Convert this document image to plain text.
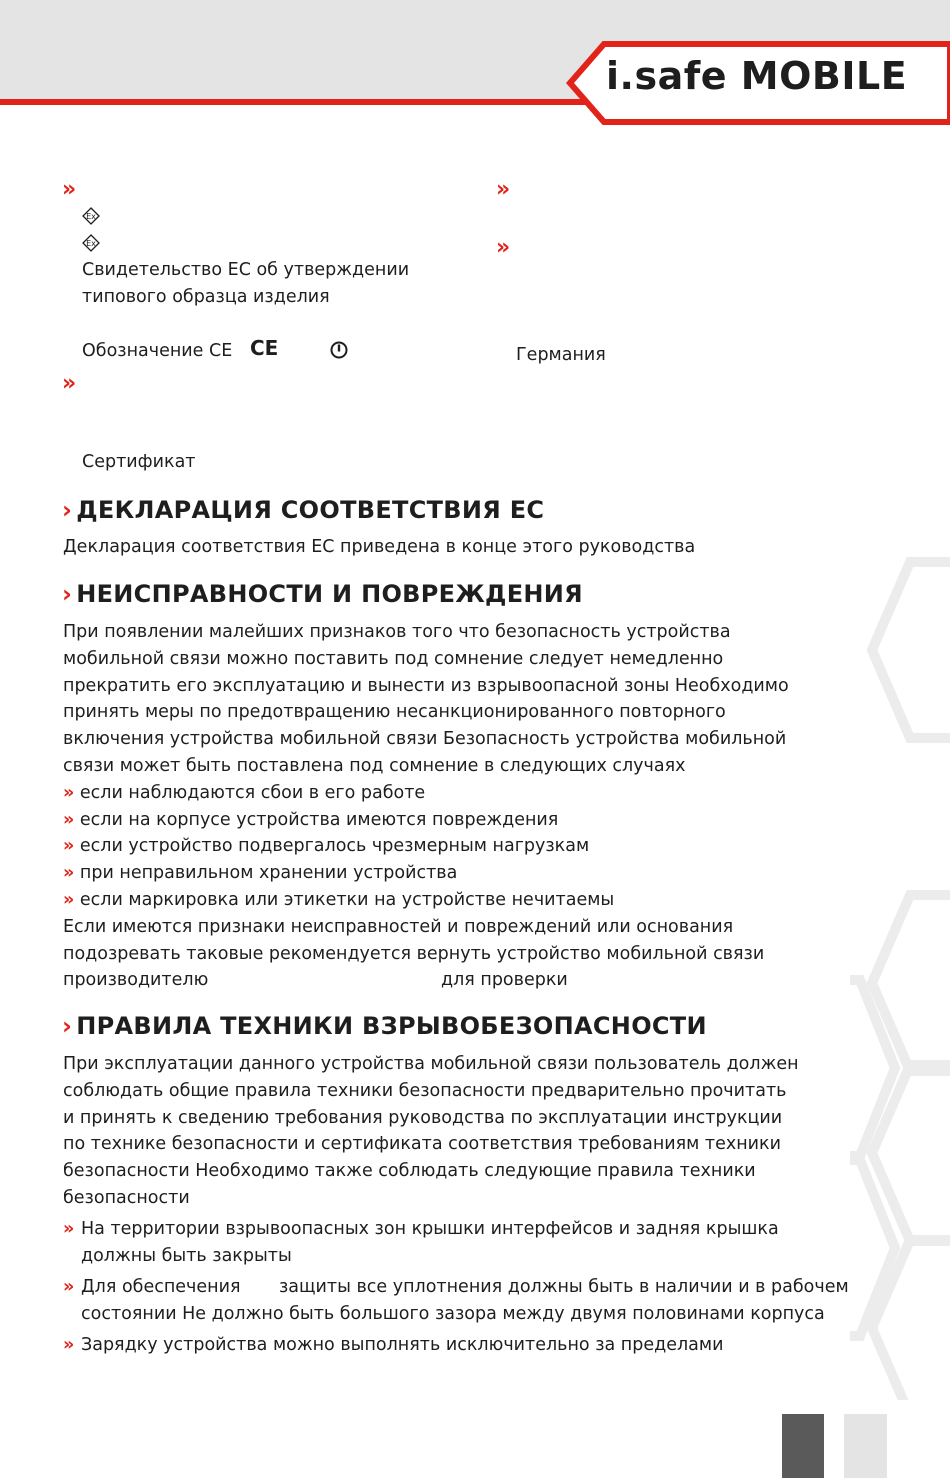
i.safe MOBILE
»
Ex
Ex
Свидетельство ЕС об утверждении
типового образца изделия
Обозначение CE CE
»
Сертификат
»
»
Германия
› ДЕКЛАРАЦИЯ СООТВЕТСТВИЯ ЕС
Декларация соответствия ЕС приведена в конце этого руководства
› НЕИСПРАВНОСТИ И ПОВРЕЖДЕНИЯ
При появлении малейших признаков того что безопасность устройства
мобильной связи можно поставить под сомнение следует немедленно
прекратить его эксплуатацию и вынести из взрывоопасной зоны Необходимо
принять меры по предотвращению несанкционированного повторного
включения устройства мобильной связи Безопасность устройства мобильной
связи может быть поставлена под сомнение в следующих случаях
» если наблюдаются сбои в его работе
» если на корпусе устройства имеются повреждения
» если устройство подвергалось чрезмерным нагрузкам
» при неправильном хранении устройства
» если маркировка или этикетки на устройстве нечитаемы
Если имеются признаки неисправностей и повреждений или основания
подозревать таковые рекомендуется вернуть устройство мобильной связи
производителю	для проверки
› ПРАВИЛА ТЕХНИКИ ВЗРЫВОБЕЗОПАСНОСТИ
При эксплуатации данного устройства мобильной связи пользователь должен
соблюдать общие правила техники безопасности предварительно прочитать
и принять к сведению требования руководства по эксплуатации инструкции
по технике безопасности и сертификата соответствия требованиям техники
безопасности Необходимо также соблюдать следующие правила техники
безопасности
» На территории взрывоопасных зон крышки интерфейсов и задняя крышка
должны быть закрыты
» Для обеспечения защиты все уплотнения должны быть в наличии и в рабочем
состоянии Не должно быть большого зазора между двумя половинами корпуса
» Зарядку устройства можно выполнять исключительно за пределами
